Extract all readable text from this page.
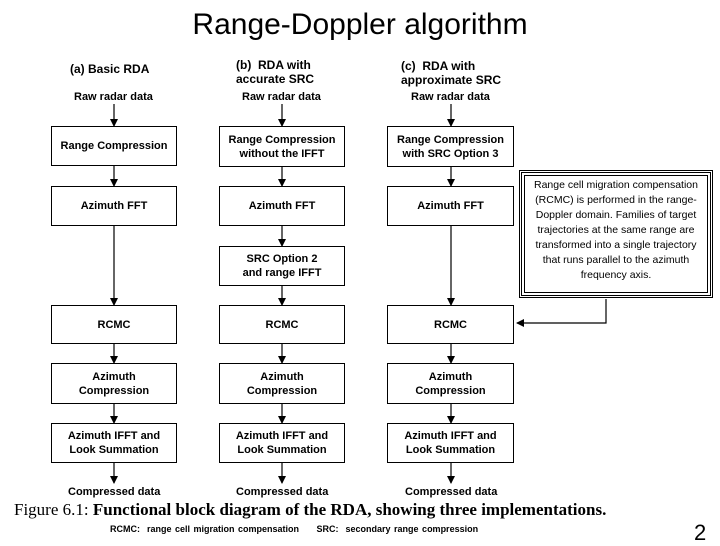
Range-Doppler algorithm
(a) Basic RDA	(b)  RDA with
accurate SRC
(c)  RDA with
approximate SRC
Raw radar data	Raw radar data	Raw radar data
Range Compression
Azimuth FFT
RCMC
Azimuth
Compression
Azimuth IFFT and
Look Summation
Range Compression
without the IFFT
Azimuth FFT
SRC Option 2
and range IFFT
RCMC
Azimuth
Compression
Azimuth IFFT and
Look Summation
Range Compression
with SRC Option 3
Azimuth FFT
RCMC
Azimuth
Compression
Azimuth IFFT and
Look Summation
Compressed data	Compressed data	Compressed data
Range cell migration compensation (RCMC) is performed in the range-Doppler domain. Families of target trajectories at the same range are transformed into a single trajectory that runs parallel to the azimuth frequency axis.
Figure 6.1: Functional block diagram of the RDA, showing three implementations.
RCMC:  range cell migration compensation     SRC:  secondary range compression	2
